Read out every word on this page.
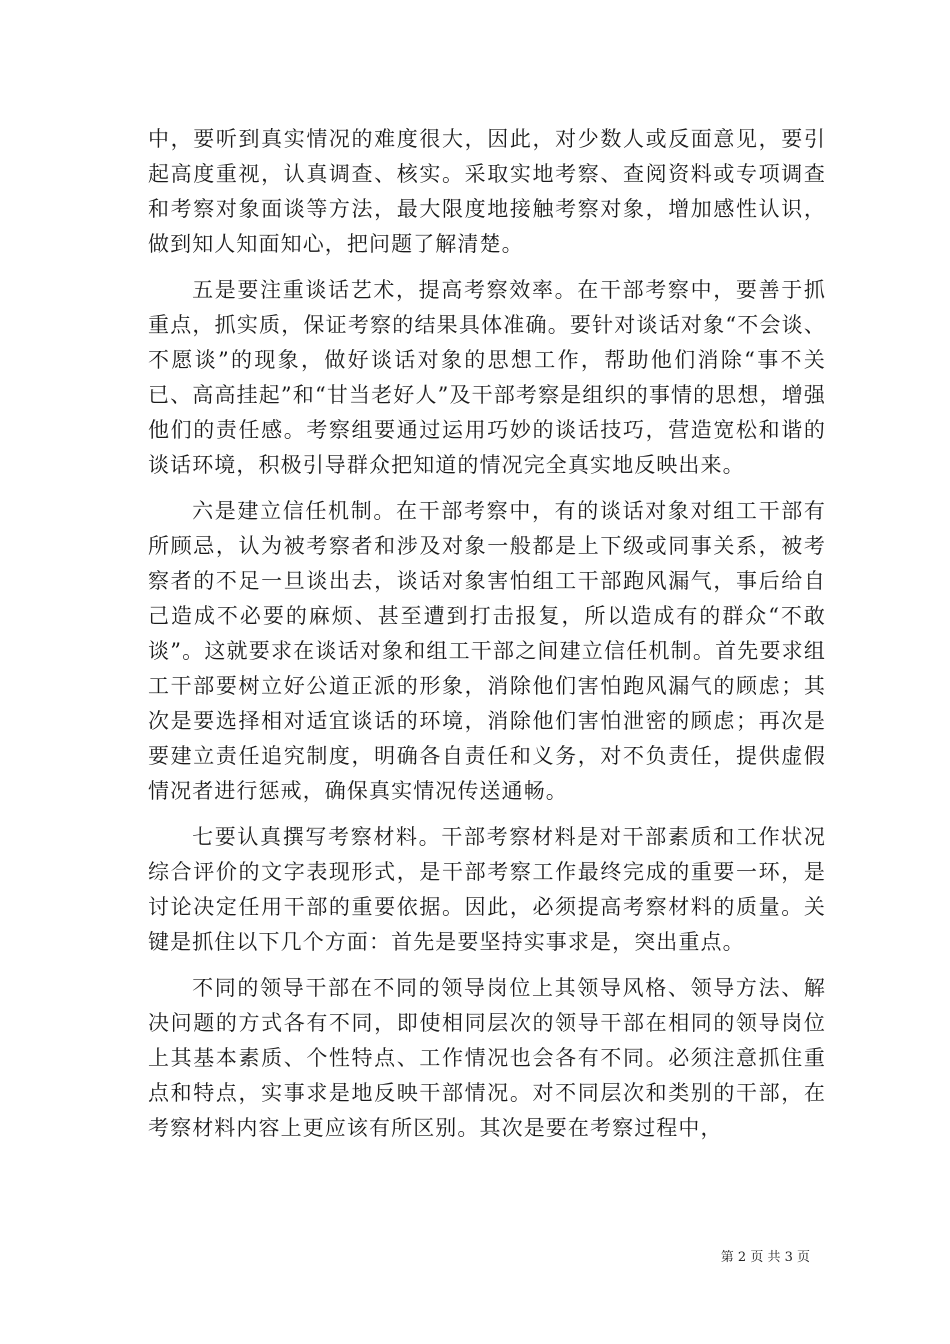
中，要听到真实情况的难度很大，因此，对少数人或反面意见，要引起高度重视，认真调查、核实。采取实地考察、查阅资料或专项调查和考察对象面谈等方法，最大限度地接触考察对象，增加感性认识，做到知人知面知心，把问题了解清楚。

五是要注重谈话艺术，提高考察效率。在干部考察中，要善于抓重点，抓实质，保证考察的结果具体准确。要针对谈话对象“不会谈、不愿谈”的现象，做好谈话对象的思想工作，帮助他们消除“事不关已、高高挂起”和“甘当老好人”及干部考察是组织的事情的思想，增强他们的责任感。考察组要通过运用巧妙的谈话技巧，营造宽松和谐的谈话环境，积极引导群众把知道的情况完全真实地反映出来。

六是建立信任机制。在干部考察中，有的谈话对象对组工干部有所顾忌，认为被考察者和涉及对象一般都是上下级或同事关系，被考察者的不足一旦谈出去，谈话对象害怕组工干部跑风漏气，事后给自己造成不必要的麻烦、甚至遭到打击报复，所以造成有的群众“不敢谈”。这就要求在谈话对象和组工干部之间建立信任机制。首先要求组工干部要树立好公道正派的形象，消除他们害怕跑风漏气的顾虑；其次是要选择相对适宜谈话的环境，消除他们害怕泄密的顾虑；再次是要建立责任追究制度，明确各自责任和义务，对不负责任，提供虚假情况者进行惩戒，确保真实情况传送通畅。

七要认真撰写考察材料。干部考察材料是对干部素质和工作状况综合评价的文字表现形式，是干部考察工作最终完成的重要一环，是讨论决定任用干部的重要依据。因此，必须提高考察材料的质量。关键是抓住以下几个方面：首先是要坚持实事求是，突出重点。

不同的领导干部在不同的领导岗位上其领导风格、领导方法、解决问题的方式各有不同，即使相同层次的领导干部在相同的领导岗位上其基本素质、个性特点、工作情况也会各有不同。必须注意抓住重点和特点，实事求是地反映干部情况。对不同层次和类别的干部，在考察材料内容上更应该有所区别。其次是要在考察过程中，

第 2 页 共 3 页
